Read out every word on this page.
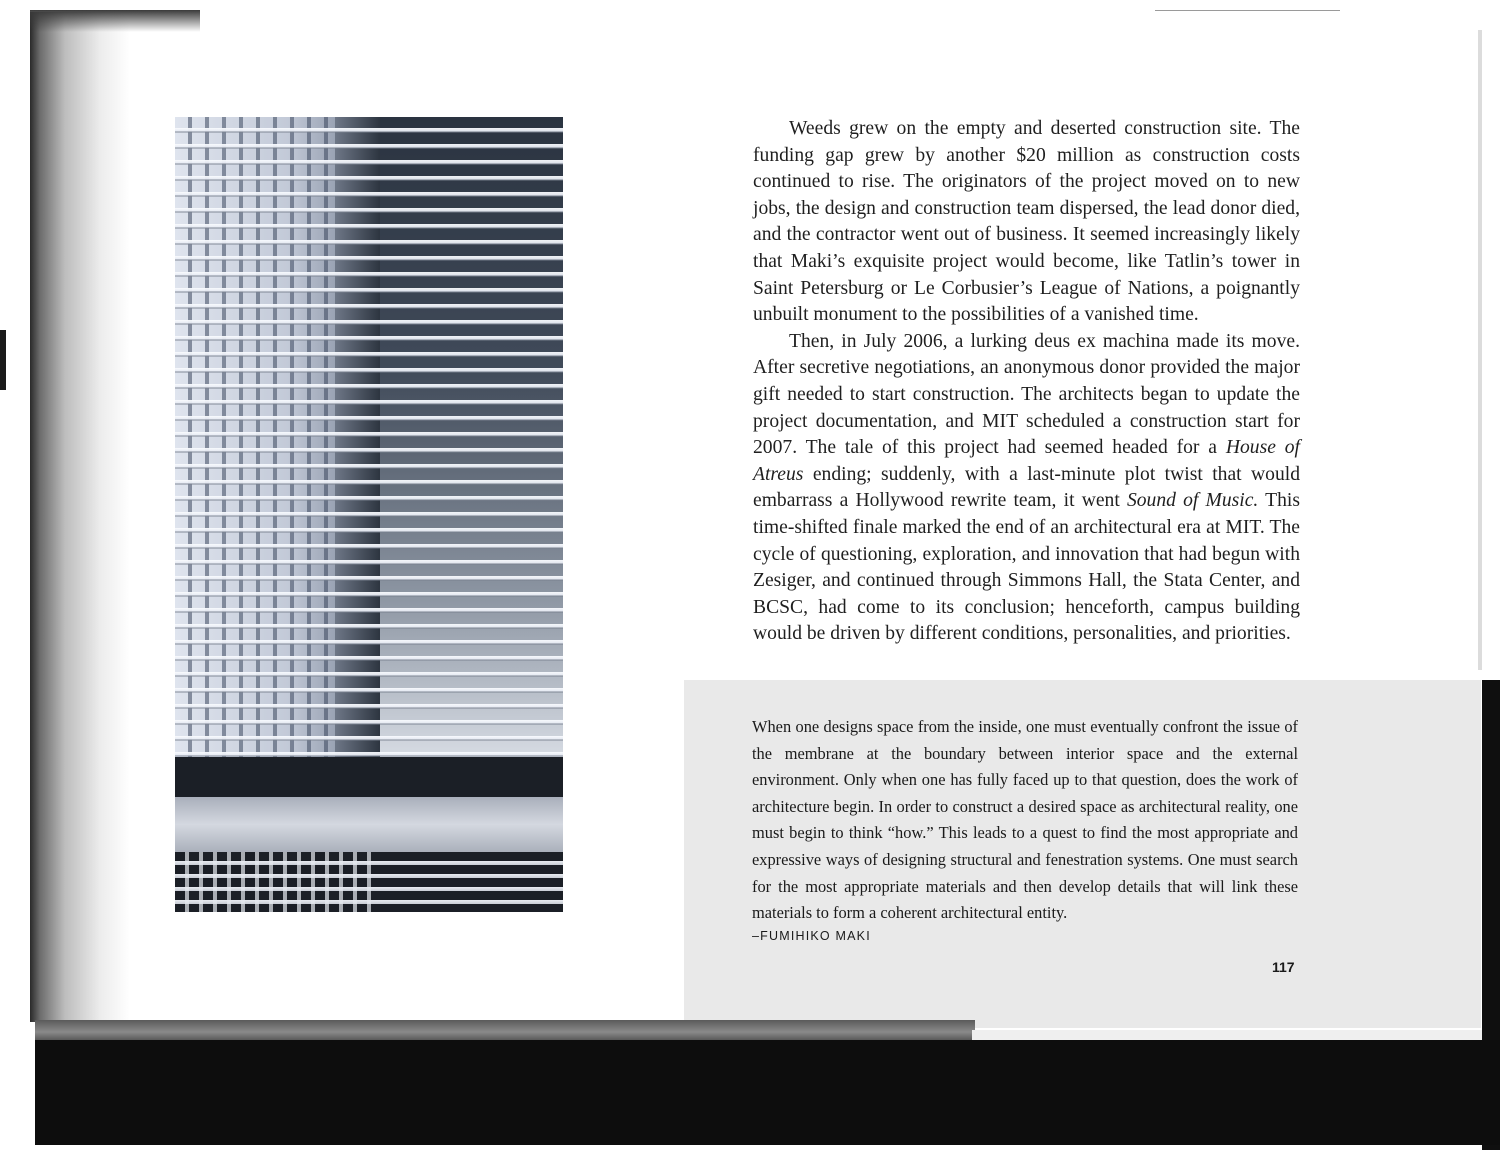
Weeds grew on the empty and deserted construction site. The funding gap grew by another $20 million as construction costs continued to rise. The originators of the project moved on to new jobs, the design and construction team dispersed, the lead donor died, and the contractor went out of business. It seemed increasingly likely that Maki’s exquisite project would become, like Tatlin’s tower in Saint Petersburg or Le Corbusier’s League of Nations, a poignantly unbuilt monument to the possibilities of a vanished time.

Then, in July 2006, a lurking deus ex machina made its move. After secretive negotiations, an anonymous donor provided the major gift needed to start construction. The architects began to update the project documentation, and MIT scheduled a construction start for 2007. The tale of this project had seemed headed for a House of Atreus ending; suddenly, with a last-minute plot twist that would embarrass a Hollywood rewrite team, it went Sound of Music. This time-shifted finale marked the end of an architectural era at MIT. The cycle of questioning, exploration, and innovation that had begun with Zesiger, and continued through Simmons Hall, the Stata Center, and BCSC, had come to its conclusion; henceforth, campus building would be driven by different conditions, personalities, and priorities.

When one designs space from the inside, one must eventually confront the issue of the membrane at the boundary between interior space and the external environment. Only when one has fully faced up to that question, does the work of architecture begin. In order to construct a desired space as architectural reality, one must begin to think “how.” This leads to a quest to find the most appropriate and expressive ways of designing structural and fenestration systems. One must search for the most appropriate materials and then develop details that will link these materials to form a coherent architectural entity.

–FUMIHIKO MAKI
117
